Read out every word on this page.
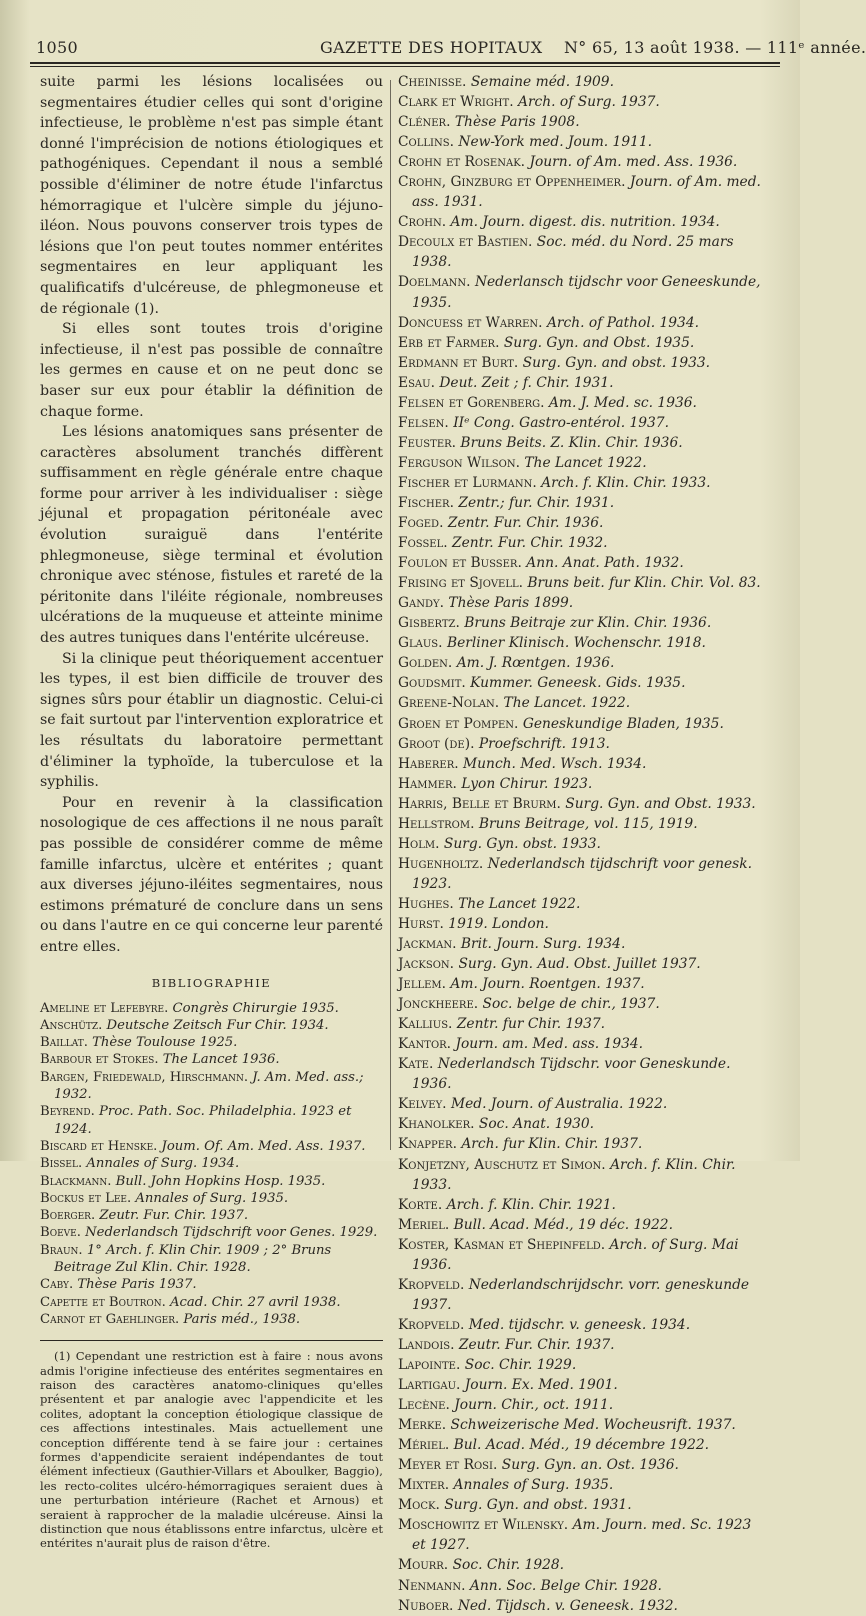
1050	GAZETTE DES HOPITAUX N° 65, 13 août 1938. — 111ᵉ année.

suite parmi les lésions localisées ou segmentaires étudier celles qui sont d'origine infectieuse, le problème n'est pas simple étant donné l'imprécision de notions étiologiques et pathogéniques. Cependant il nous a semblé possible d'éliminer de notre étude l'infarctus hémorragique et l'ulcère simple du jéjuno-iléon. Nous pouvons conserver trois types de lésions que l'on peut toutes nommer entérites segmentaires en leur appliquant les qualificatifs d'ulcéreuse, de phlegmoneuse et de régionale (1).

Si elles sont toutes trois d'origine infectieuse, il n'est pas possible de connaître les germes en cause et on ne peut donc se baser sur eux pour établir la définition de chaque forme.

Les lésions anatomiques sans présenter de caractères absolument tranchés diffèrent suffisamment en règle générale entre chaque forme pour arriver à les individualiser : siège jéjunal et propagation péritonéale avec évolution suraiguë dans l'entérite phlegmoneuse, siège terminal et évolution chronique avec sténose, fistules et rareté de la péritonite dans l'iléite régionale, nombreuses ulcérations de la muqueuse et atteinte minime des autres tuniques dans l'entérite ulcéreuse.

Si la clinique peut théoriquement accentuer les types, il est bien difficile de trouver des signes sûrs pour établir un diagnostic. Celui-ci se fait surtout par l'intervention exploratrice et les résultats du laboratoire permettant d'éliminer la typhoïde, la tuberculose et la syphilis.

Pour en revenir à la classification nosologique de ces affections il ne nous paraît pas possible de considérer comme de même famille infarctus, ulcère et entérites ; quant aux diverses jéjuno-iléites segmentaires, nous estimons prématuré de conclure dans un sens ou dans l'autre en ce qui concerne leur parenté entre elles.

BIBLIOGRAPHIE

Ameline et Lefebyre. Congrès Chirurgie 1935.

Anschütz. Deutsche Zeitsch Fur Chir. 1934.

Baillat. Thèse Toulouse 1925.

Barbour et Stokes. The Lancet 1936.

Bargen, Friedewald, Hirschmann. J. Am. Med. ass.; 1932.

Beyrend. Proc. Path. Soc. Philadelphia. 1923 et 1924.

Biscard et Henske. Joum. Of. Am. Med. Ass. 1937.

Bissel. Annales of Surg. 1934.

Blackmann. Bull. John Hopkins Hosp. 1935.

Bockus et Lee. Annales of Surg. 1935.

Boerger. Zeutr. Fur. Chir. 1937.

Boeve. Nederlandsch Tijdschrift voor Genes. 1929.

Braun. 1° Arch. f. Klin Chir. 1909 ; 2° Bruns Beitrage Zul Klin. Chir. 1928.

Caby. Thèse Paris 1937.

Capette et Boutron. Acad. Chir. 27 avril 1938.

Carnot et Gaehlinger. Paris méd., 1938.

(1) Cependant une restriction est à faire : nous avons admis l'origine infectieuse des entérites segmentaires en raison des caractères anatomo-cliniques qu'elles présentent et par analogie avec l'appendicite et les colites, adoptant la conception étiologique classique de ces affections intestinales. Mais actuellement une conception différente tend à se faire jour : certaines formes d'appendicite seraient indépendantes de tout élément infectieux (Gauthier-Villars et Aboulker, Baggio), les recto-colites ulcéro-hémorragiques seraient dues à une perturbation intérieure (Rachet et Arnous) et seraient à rapprocher de la maladie ulcéreuse. Ainsi la distinction que nous établissons entre infarctus, ulcère et entérites n'aurait plus de raison d'être.

Cheinisse. Semaine méd. 1909.

Clark et Wright. Arch. of Surg. 1937.

Cléner. Thèse Paris 1908.

Collins. New-York med. Joum. 1911.

Crohn et Rosenak. Journ. of Am. med. Ass. 1936.

Crohn, Ginzburg et Oppenheimer. Journ. of Am. med. ass. 1931.

Crohn. Am. Journ. digest. dis. nutrition. 1934.

Decoulx et Bastien. Soc. méd. du Nord. 25 mars 1938.

Doelmann. Nederlansch tijdschr voor Geneeskunde, 1935.

Doncuess et Warren. Arch. of Pathol. 1934.

Erb et Farmer. Surg. Gyn. and Obst. 1935.

Erdmann et Burt. Surg. Gyn. and obst. 1933.

Esau. Deut. Zeit ; f. Chir. 1931.

Felsen et Gorenberg. Am. J. Med. sc. 1936.

Felsen. IIᵉ Cong. Gastro-entérol. 1937.

Feuster. Bruns Beits. Z. Klin. Chir. 1936.

Ferguson Wilson. The Lancet 1922.

Fischer et Lurmann. Arch. f. Klin. Chir. 1933.

Fischer. Zentr.; fur. Chir. 1931.

Foged. Zentr. Fur. Chir. 1936.

Fossel. Zentr. Fur. Chir. 1932.

Foulon et Busser. Ann. Anat. Path. 1932.

Frising et Sjovell. Bruns beit. fur Klin. Chir. Vol. 83.

Gandy. Thèse Paris 1899.

Gisbertz. Bruns Beitraje zur Klin. Chir. 1936.

Glaus. Berliner Klinisch. Wochenschr. 1918.

Golden. Am. J. Rœntgen. 1936.

Goudsmit. Kummer. Geneesk. Gids. 1935.

Greene-Nolan. The Lancet. 1922.

Groen et Pompen. Geneskundige Bladen, 1935.

Groot (de). Proefschrift. 1913.

Haberer. Munch. Med. Wsch. 1934.

Hammer. Lyon Chirur. 1923.

Harris, Belle et Brurm. Surg. Gyn. and Obst. 1933.

Hellstrom. Bruns Beitrage, vol. 115, 1919.

Holm. Surg. Gyn. obst. 1933.

Hugenholtz. Nederlandsch tijdschrift voor genesk. 1923.

Hughes. The Lancet 1922.

Hurst. 1919. London.

Jackman. Brit. Journ. Surg. 1934.

Jackson. Surg. Gyn. Aud. Obst. Juillet 1937.

Jellem. Am. Journ. Roentgen. 1937.

Jonckheere. Soc. belge de chir., 1937.

Kallius. Zentr. fur Chir. 1937.

Kantor. Journ. am. Med. ass. 1934.

Kate. Nederlandsch Tijdschr. voor Geneskunde. 1936.

Kelvey. Med. Journ. of Australia. 1922.

Khanolker. Soc. Anat. 1930.

Knapper. Arch. fur Klin. Chir. 1937.

Konjetzny, Auschutz et Simon. Arch. f. Klin. Chir. 1933.

Korte. Arch. f. Klin. Chir. 1921.

Meriel. Bull. Acad. Méd., 19 déc. 1922.

Koster, Kasman et Shepinfeld. Arch. of Surg. Mai 1936.

Kropveld. Nederlandschrijdschr. vorr. geneskunde 1937.

Kropveld. Med. tijdschr. v. geneesk. 1934.

Landois. Zeutr. Fur. Chir. 1937.

Lapointe. Soc. Chir. 1929.

Lartigau. Journ. Ex. Med. 1901.

Lecène. Journ. Chir., oct. 1911.

Merke. Schweizerische Med. Wocheusrift. 1937.

Mériel. Bul. Acad. Méd., 19 décembre 1922.

Meyer et Rosi. Surg. Gyn. an. Ost. 1936.

Mixter. Annales of Surg. 1935.

Mock. Surg. Gyn. and obst. 1931.

Moschowitz et Wilensky. Am. Journ. med. Sc. 1923 et 1927.

Mourr. Soc. Chir. 1928.

Nenmann. Ann. Soc. Belge Chir. 1928.

Nuboer. Ned. Tijdsch. v. Geneesk. 1932.
